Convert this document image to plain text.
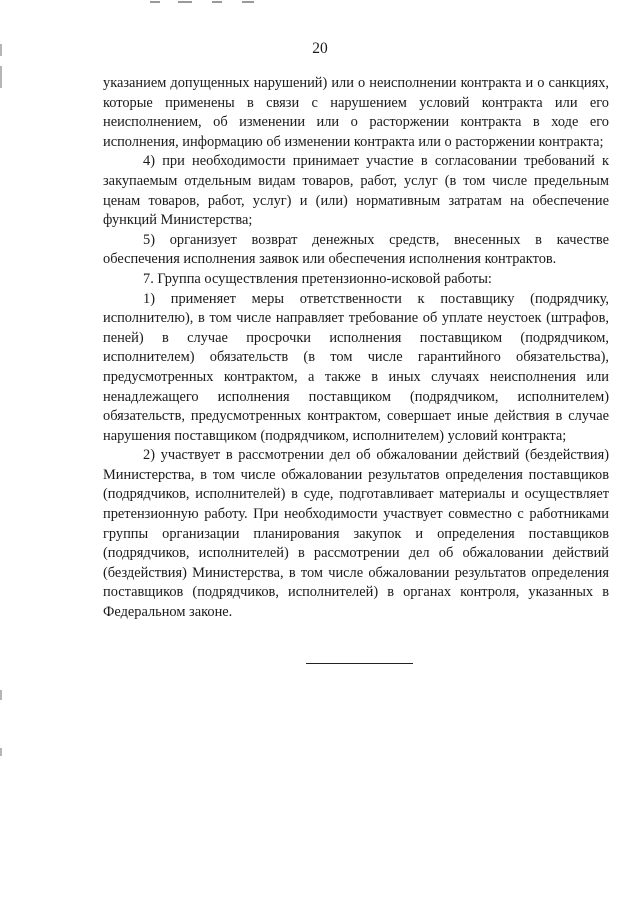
20

указанием допущенных нарушений) или о неисполнении контракта и о санкциях, которые применены в связи с нарушением условий контракта или его неисполнением, об изменении или о расторжении контракта в ходе его исполнения, информацию об изменении контракта или о расторжении контракта;

4) при необходимости принимает участие в согласовании требований к закупаемым отдельным видам товаров, работ, услуг (в том числе предельным ценам товаров, работ, услуг) и (или) нормативным затратам на обеспечение функций Министерства;

5) организует возврат денежных средств, внесенных в качестве обеспечения исполнения заявок или обеспечения исполнения контрактов.

7. Группа осуществления претензионно-исковой работы:

1) применяет меры ответственности к поставщику (подрядчику, исполнителю), в том числе направляет требование об уплате неустоек (штрафов, пеней) в случае просрочки исполнения поставщиком (подрядчиком, исполнителем) обязательств (в том числе гарантийного обязательства), предусмотренных контрактом, а также в иных случаях неисполнения или ненадлежащего исполнения поставщиком (подрядчиком, исполнителем) обязательств, предусмотренных контрактом, совершает иные действия в случае нарушения поставщиком (подрядчиком, исполнителем) условий контракта;

2) участвует в рассмотрении дел об обжаловании действий (бездействия) Министерства, в том числе обжаловании результатов определения поставщиков (подрядчиков, исполнителей) в суде, подготавливает материалы и осуществляет претензионную работу. При необходимости участвует совместно с работниками группы организации планирования закупок и определения поставщиков (подрядчиков, исполнителей) в рассмотрении дел об обжаловании действий (бездействия) Министерства, в том числе обжаловании результатов определения поставщиков (подрядчиков, исполнителей) в органах контроля, указанных в Федеральном законе.
